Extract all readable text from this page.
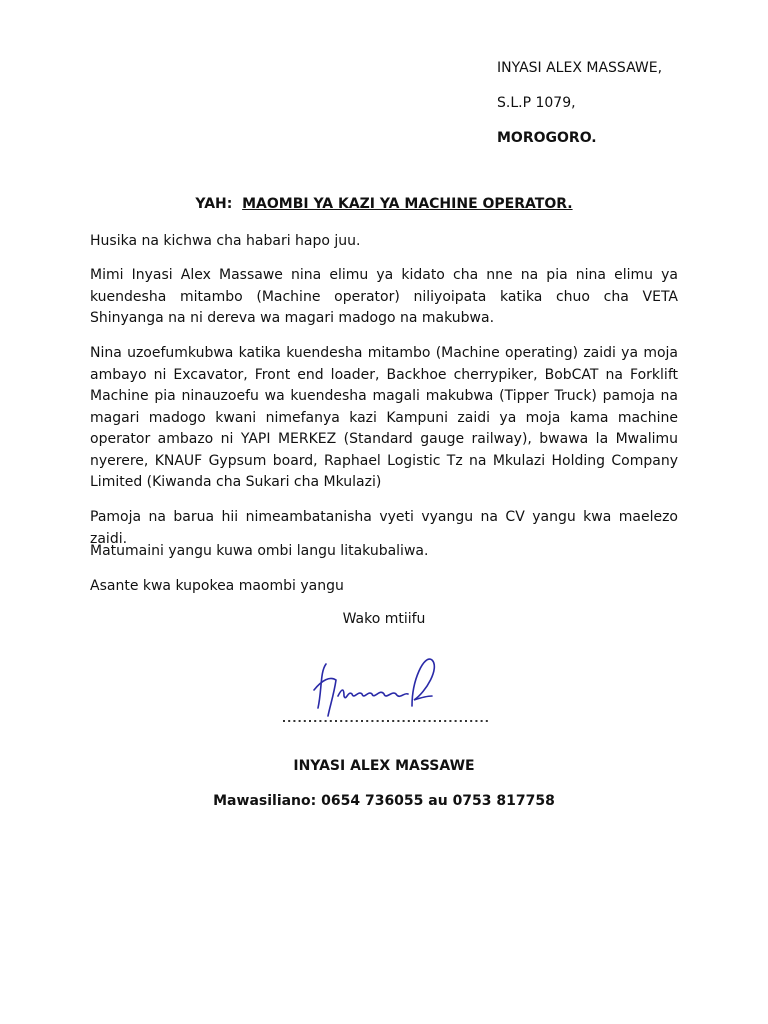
INYASI ALEX MASSAWE,
S.L.P 1079,
MOROGORO.
YAH: MAOMBI YA KAZI YA MACHINE OPERATOR.

Husika na kichwa cha habari hapo juu.

Mimi Inyasi Alex Massawe nina elimu ya kidato cha nne na pia nina elimu ya kuendesha mitambo (Machine operator) niliyoipata katika chuo cha VETA Shinyanga na ni dereva wa magari madogo na makubwa.

Nina uzoefumkubwa katika kuendesha mitambo (Machine operating) zaidi ya moja ambayo ni Excavator, Front end loader, Backhoe cherrypiker, BobCAT na Forklift Machine pia ninauzoefu wa kuendesha magali makubwa (Tipper Truck) pamoja na magari madogo kwani nimefanya kazi Kampuni zaidi ya moja kama machine operator ambazo ni YAPI MERKEZ (Standard gauge railway), bwawa la Mwalimu nyerere, KNAUF Gypsum board, Raphael Logistic Tz na Mkulazi Holding Company Limited (Kiwanda cha Sukari cha Mkulazi)

Pamoja na barua hii nimeambatanisha vyeti vyangu na CV yangu kwa maelezo zaidi.

Matumaini yangu kuwa ombi langu litakubaliwa.

Asante kwa kupokea maombi yangu

Wako mtiifu
INYASI ALEX MASSAWE
Mawasiliano: 0654 736055 au 0753 817758
